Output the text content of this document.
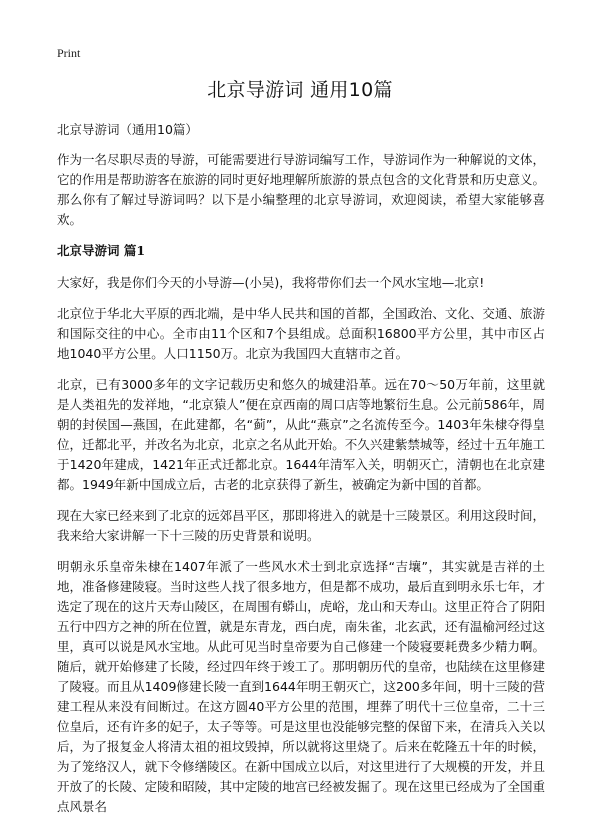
Print
北京导游词 通用10篇

北京导游词（通用10篇）

作为一名尽职尽责的导游，可能需要进行导游词编写工作，导游词作为一种解说的文体，它的作用是帮助游客在旅游的同时更好地理解所旅游的景点包含的文化背景和历史意义。那么你有了解过导游词吗？以下是小编整理的北京导游词，欢迎阅读，希望大家能够喜欢。

北京导游词 篇1

大家好，我是你们今天的小导游—(小吴)，我将带你们去一个风水宝地—北京!

北京位于华北大平原的西北端，是中华人民共和国的首都，全国政治、文化、交通、旅游和国际交往的中心。全市由11个区和7个县组成。总面积16800平方公里，其中市区占地1040平方公里。人口1150万。北京为我国四大直辖市之首。

北京，已有3000多年的文字记载历史和悠久的城建沿革。远在70～50万年前，这里就是人类祖先的发祥地，“北京猿人”便在京西南的周口店等地繁衍生息。公元前586年，周朝的封侯国—燕国，在此建都，名“蓟”，从此“燕京”之名流传至今。1403年朱棣夺得皇位，迁都北平，并改名为北京，北京之名从此开始。不久兴建紫禁城等，经过十五年施工于1420年建成，1421年正式迁都北京。1644年清军入关，明朝灭亡，清朝也在北京建都。1949年新中国成立后，古老的北京获得了新生，被确定为新中国的首都。

现在大家已经来到了北京的远郊昌平区，那即将进入的就是十三陵景区。利用这段时间，我来给大家讲解一下十三陵的历史背景和说明。

明朝永乐皇帝朱棣在1407年派了一些风水术士到北京选择“吉壤”，其实就是吉祥的土地，准备修建陵寝。当时这些人找了很多地方，但是都不成功，最后直到明永乐七年，才选定了现在的这片天寿山陵区，在周围有蟒山，虎峪，龙山和天寿山。这里正符合了阴阳五行中四方之神的所在位置，就是东青龙，西白虎，南朱雀，北玄武，还有温榆河经过这里，真可以说是风水宝地。从此可见当时皇帝要为自己修建一个陵寝要耗费多少精力啊。随后，就开始修建了长陵，经过四年终于竣工了。那明朝历代的皇帝，也陆续在这里修建了陵寝。而且从1409修建长陵一直到1644年明王朝灭亡，这200多年间，明十三陵的营建工程从来没有间断过。在这方圆40平方公里的范围，埋葬了明代十三位皇帝，二十三位皇后，还有许多的妃子，太子等等。可是这里也没能够完整的保留下来，在清兵入关以后，为了报复金人将清太祖的祖坟毁掉，所以就将这里烧了。后来在乾隆五十年的时候，为了笼络汉人，就下令修缮陵区。在新中国成立以后，对这里进行了大规模的开发，并且开放了的长陵、定陵和昭陵，其中定陵的地宫已经被发掘了。现在这里已经成为了全国重点风景名
